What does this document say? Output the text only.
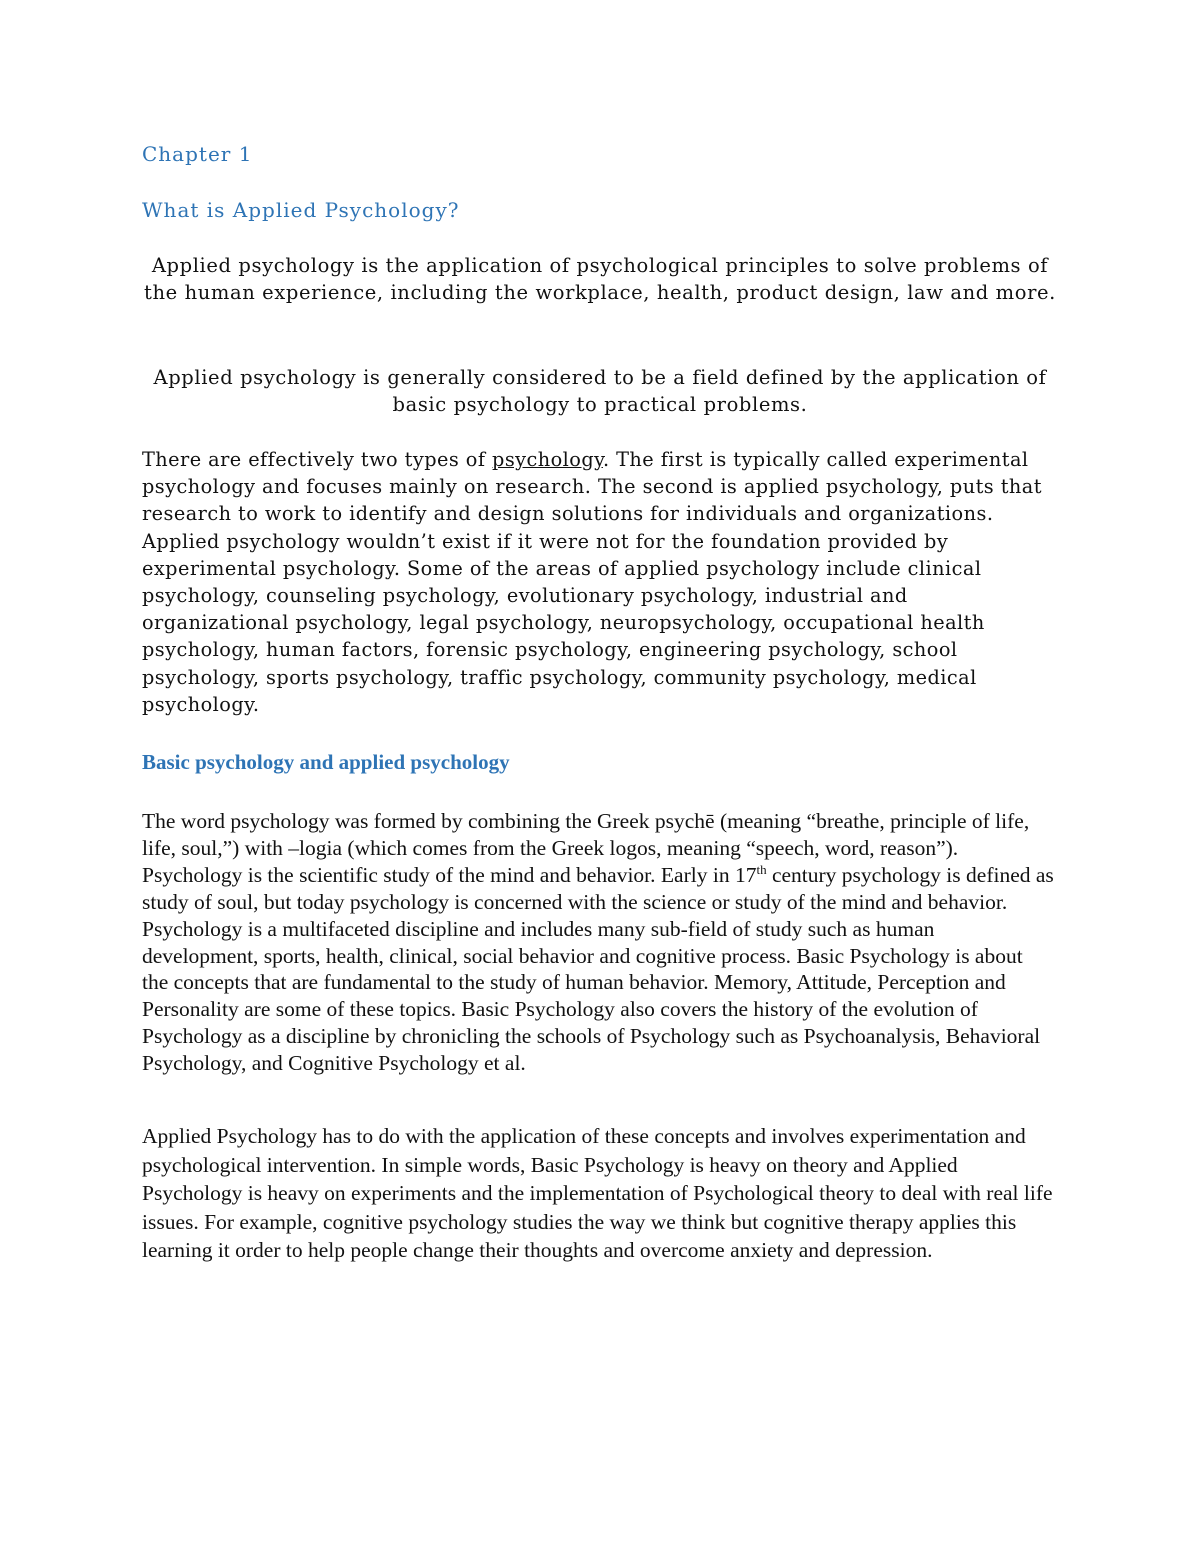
Chapter 1
What is Applied Psychology?

Applied psychology is the application of psychological principles to solve problems of the human experience, including the workplace, health, product design, law and more.

Applied psychology is generally considered to be a field defined by the application of basic psychology to practical problems.

There are effectively two types of psychology. The first is typically called experimental psychology and focuses mainly on research. The second is applied psychology, puts that research to work to identify and design solutions for individuals and organizations. Applied psychology wouldn’t exist if it were not for the foundation provided by experimental psychology. Some of the areas of applied psychology include clinical psychology, counseling psychology, evolutionary psychology, industrial and organizational psychology, legal psychology, neuropsychology, occupational health psychology, human factors, forensic psychology, engineering psychology, school psychology, sports psychology, traffic psychology, community psychology, medical psychology.

Basic psychology and applied psychology

The word psychology was formed by combining the Greek psychē (meaning “breathe, principle of life, life, soul,”) with –logia (which comes from the Greek logos, meaning “speech, word, reason”). Psychology is the scientific study of the mind and behavior. Early in 17th century psychology is defined as study of soul, but today psychology is concerned with the science or study of the mind and behavior. Psychology is a multifaceted discipline and includes many sub-field of study such as human development, sports, health, clinical, social behavior and cognitive process. Basic Psychology is about the concepts that are fundamental to the study of human behavior. Memory, Attitude, Perception and Personality are some of these topics. Basic Psychology also covers the history of the evolution of Psychology as a discipline by chronicling the schools of Psychology such as Psychoanalysis, Behavioral Psychology, and Cognitive Psychology et al.

Applied Psychology has to do with the application of these concepts and involves experimentation and psychological intervention. In simple words, Basic Psychology is heavy on theory and Applied Psychology is heavy on experiments and the implementation of Psychological theory to deal with real life issues. For example, cognitive psychology studies the way we think but cognitive therapy applies this learning it order to help people change their thoughts and overcome anxiety and depression.
